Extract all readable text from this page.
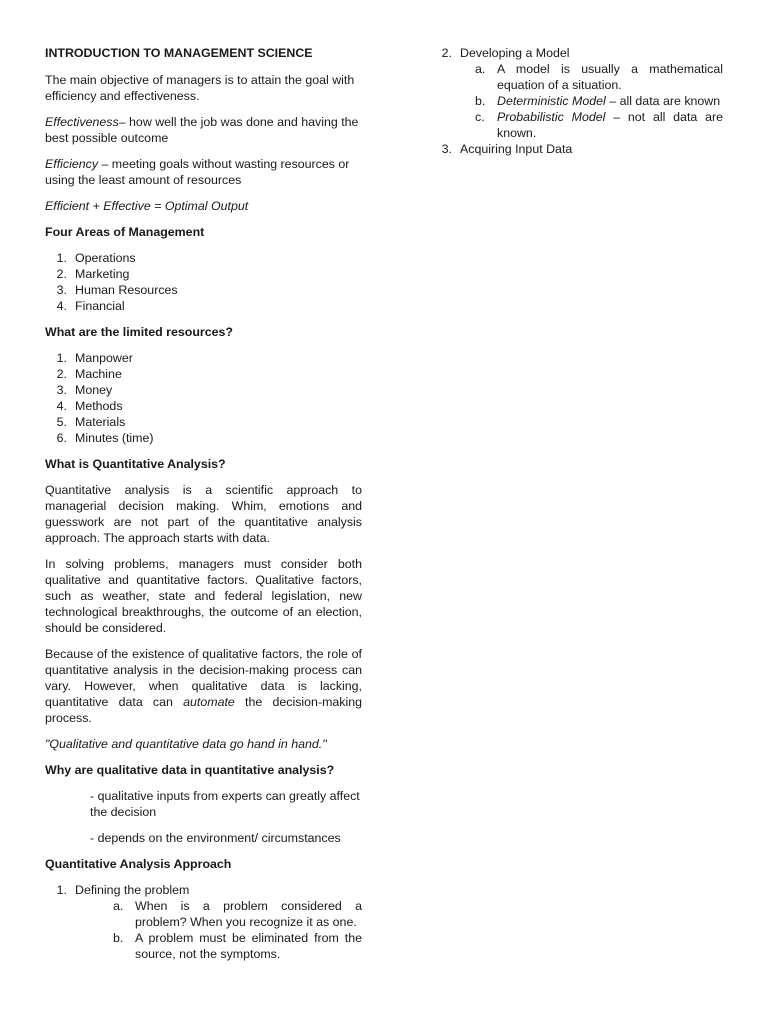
INTRODUCTION TO MANAGEMENT SCIENCE

The main objective of managers is to attain the goal with efficiency and effectiveness.

Effectiveness– how well the job was done and having the best possible outcome

Efficiency – meeting goals without wasting resources or using the least amount of resources

Efficient + Effective = Optimal Output

Four Areas of Management

1. Operations
2. Marketing
3. Human Resources
4. Financial

What are the limited resources?

1. Manpower
2. Machine
3. Money
4. Methods
5. Materials
6. Minutes (time)

What is Quantitative Analysis?

Quantitative analysis is a scientific approach to managerial decision making. Whim, emotions and guesswork are not part of the quantitative analysis approach. The approach starts with data.

In solving problems, managers must consider both qualitative and quantitative factors. Qualitative factors, such as weather, state and federal legislation, new technological breakthroughs, the outcome of an election, should be considered.

Because of the existence of qualitative factors, the role of quantitative analysis in the decision-making process can vary. However, when qualitative data is lacking, quantitative data can automate the decision-making process.

"Qualitative and quantitative data go hand in hand."

Why are qualitative data in quantitative analysis?

- qualitative inputs from experts can greatly affect the decision

- depends on the environment/ circumstances

Quantitative Analysis Approach

1. Defining the problem
a. When is a problem considered a problem? When you recognize it as one.
b. A problem must be eliminated from the source, not the symptoms.
2. Developing a Model
a. A model is usually a mathematical equation of a situation.
b. Deterministic Model – all data are known
c. Probabilistic Model – not all data are known.
3. Acquiring Input Data
